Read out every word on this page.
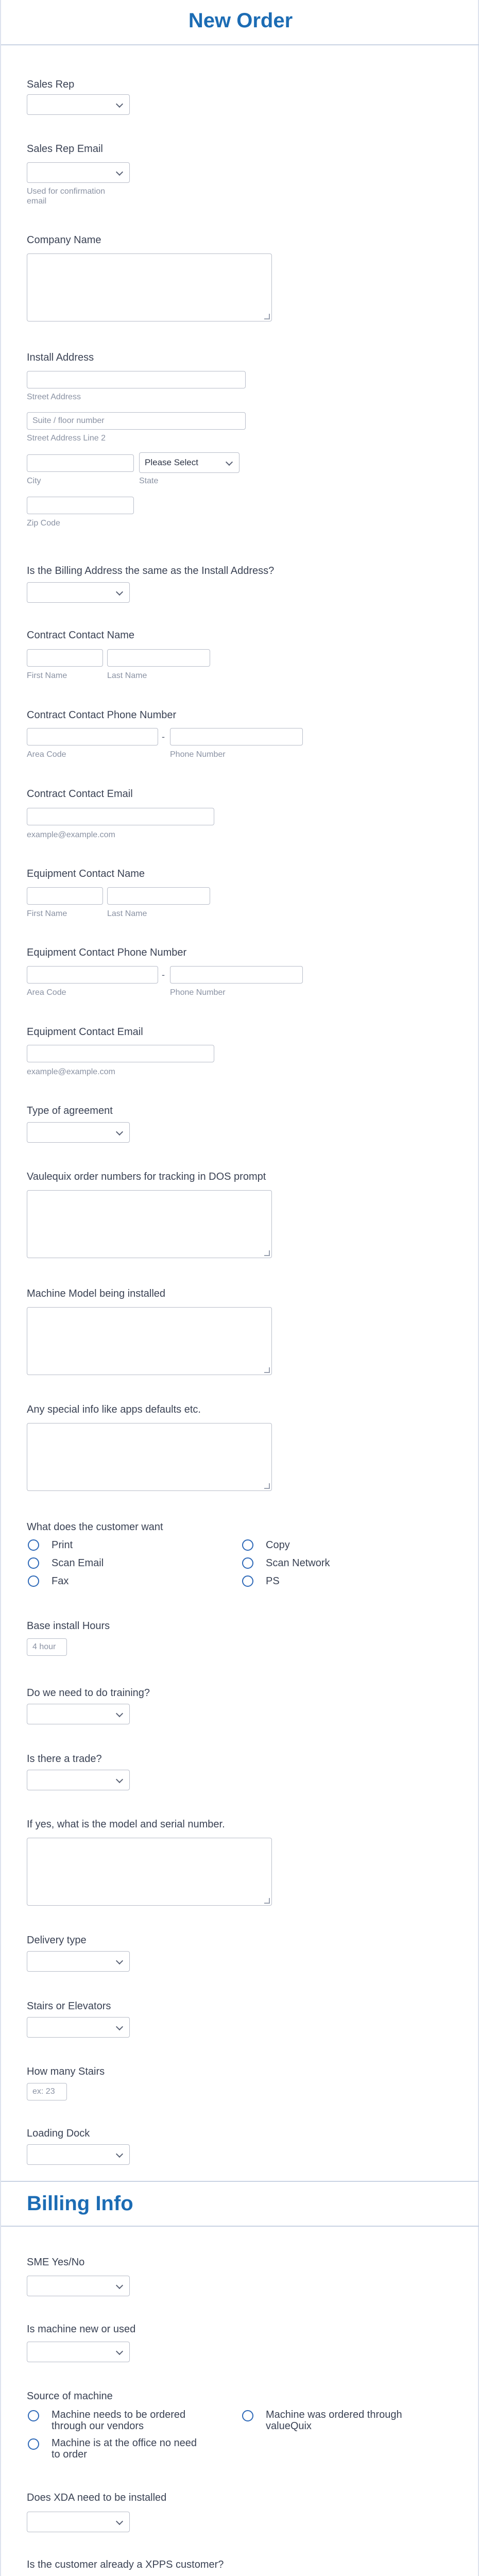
New Order
Sales Rep
Sales Rep Email
Used for confirmation email
Company Name
Install Address
Street Address
Suite / floor number
Street Address Line 2
City
Please Select
State
Zip Code
Is the Billing Address the same as the Install Address?
Contract Contact Name
First Name	Last Name
Contract Contact Phone Number
-
Area Code	Phone Number
Contract Contact Email
example@example.com
Equipment Contact Name
First Name	Last Name
Equipment Contact Phone Number
-
Area Code	Phone Number
Equipment Contact Email
example@example.com
Type of agreement
Vaulequix order numbers for tracking in DOS prompt
Machine Model being installed
Any special info like apps defaults etc.
What does the customer want
Print
Scan Email
Fax
Copy
Scan Network
PS
Base install Hours
4 hour
Do we need to do training?
Is there a trade?
If yes, what is the model and serial number.
Delivery type
Stairs or Elevators
How many Stairs
ex: 23
Loading Dock
Billing Info
SME Yes/No
Is machine new or used
Source of machine
Machine needs to be ordered through our vendors
Machine is at the office no need to order
Machine was ordered through valueQuix
Does XDA need to be installed
Is the customer already a XPPS customer?
